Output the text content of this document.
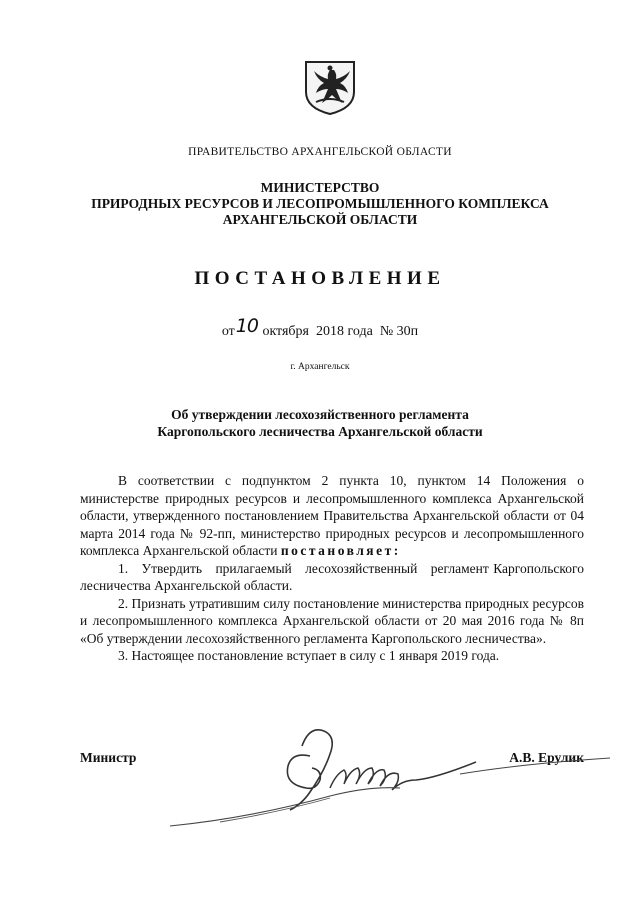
ПРАВИТЕЛЬСТВО АРХАНГЕЛЬСКОЙ ОБЛАСТИ
МИНИСТЕРСТВО
ПРИРОДНЫХ РЕСУРСОВ И ЛЕСОПРОМЫШЛЕННОГО КОМПЛЕКСА
АРХАНГЕЛЬСКОЙ ОБЛАСТИ
ПОСТАНОВЛЕНИЕ
от10 октября  2018 года  № 30п
г. Архангельск
Об утверждении лесохозяйственного регламента
Каргопольского лесничества Архангельской области

В соответствии с подпунктом 2 пункта 10, пунктом 14 Положения о министерстве природных ресурсов и лесопромышленного комплекса Архангельской области, утвержденного постановлением Правительства Архангельской области от 04 марта 2014 года № 92-пп, министерство природных ресурсов и лесопромышленного комплекса Архангельской области постановляет:

1.   Утвердить   прилагаемый   лесохозяйственный   регламент Каргопольского лесничества Архангельской области.

2. Признать утратившим силу постановление министерства природных ресурсов и лесопромышленного комплекса Архангельской области от 20 мая 2016 года № 8п «Об утверждении лесохозяйственного регламента Каргопольского лесничества».

3. Настоящее постановление вступает в силу с 1 января 2019 года.

Министр	А.В. Ерулик
